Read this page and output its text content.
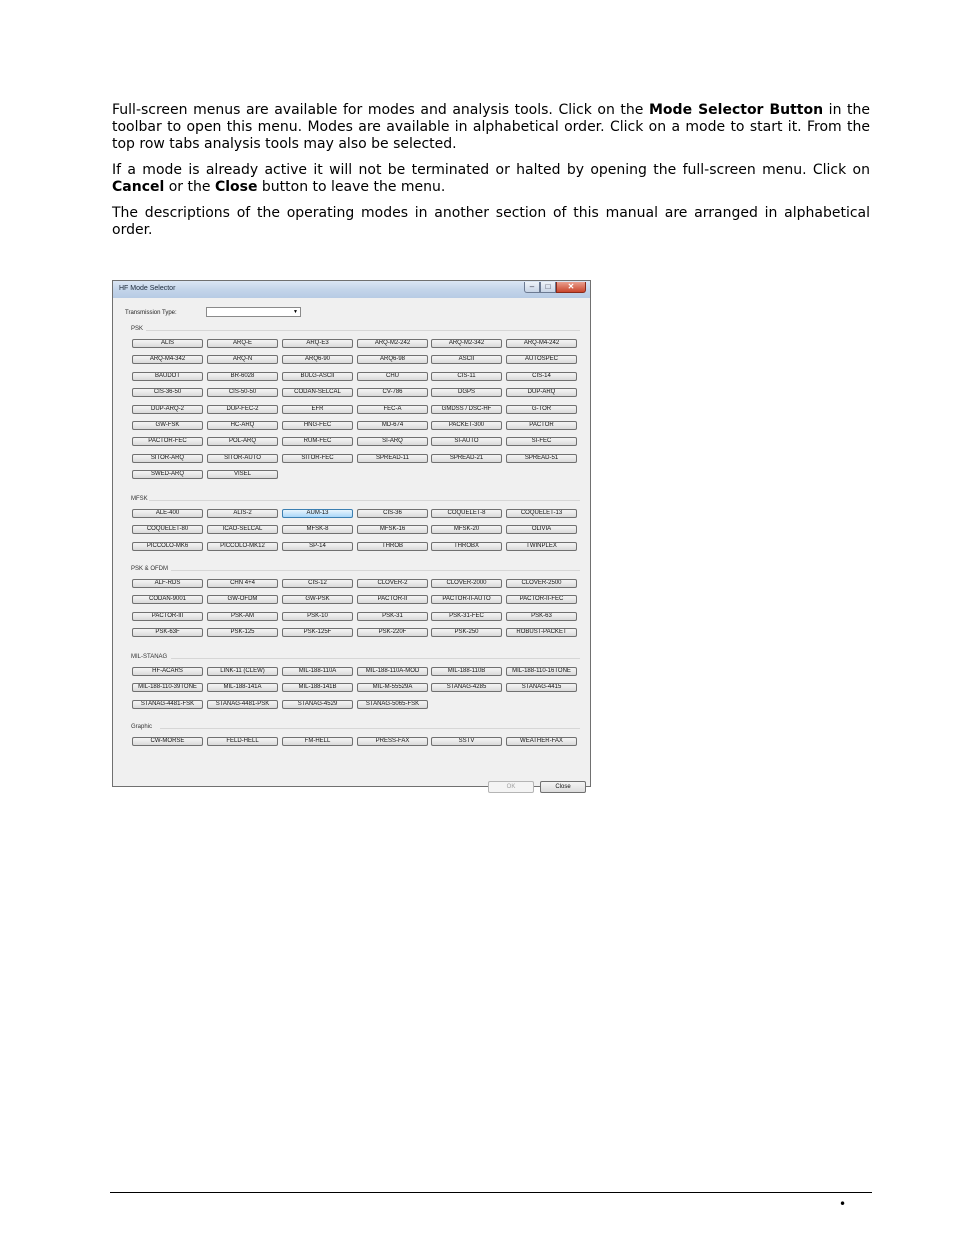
Full-screen menus are available for modes and analysis tools. Click on the Mode Selector Button in the toolbar to open this menu. Modes are available in alphabetical order. Click on a mode to start it. From the top row tabs analysis tools may also be selected.

If a mode is already active it will not be terminated or halted by opening the full-screen menu. Click on Cancel or the Close button to leave the menu.

The descriptions of the operating modes in another section of this manual are arranged in alphabetical order.

HF Mode Selector	–	□	✕
Transmission Type:	▼
PSK
ALIS	ARQ-E	ARQ-E3	ARQ-M2-242	ARQ-M2-342	ARQ-M4-242
ARQ-M4-342	ARQ-N	ARQ6-90	ARQ6-98	ASCII	AUTOSPEC
BAUDOT	BR-6028	BULG-ASCII	CHU	CIS-11	CIS-14
CIS-36-50	CIS-50-50	CODAN-SELCAL	CV-786	DGPS	DUP-ARQ
DUP-ARQ-2	DUP-FEC-2	EFR	FEC-A	GMDSS / DSC-HF	G-TOR
GW-FSK	HC-ARQ	HNG-FEC	MD-674	PACKET-300	PACTOR
PACTOR-FEC	POL-ARQ	RUM-FEC	SI-ARQ	SI-AUTO	SI-FEC
SITOR-ARQ	SITOR-AUTO	SITOR-FEC	SPREAD-11	SPREAD-21	SPREAD-51
SWED-ARQ	VISEL
MFSK
ALE-400	ALIS-2	AUM-13	CIS-36	COQUELET-8	COQUELET-13
COQUELET-80	ICAO-SELCAL	MFSK-8	MFSK-16	MFSK-20	OLIVIA
PICCOLO-MK6	PICCOLO-MK12	SP-14	THROB	THROBX	TWINPLEX
PSK & OFDM
ALF-RDS	CHN 4+4	CIS-12	CLOVER-2	CLOVER-2000	CLOVER-2500
CODAN-9001	GW-OFDM	GW-PSK	PACTOR-II	PACTOR-II-AUTO	PACTOR-II-FEC
PACTOR-III	PSK-AM	PSK-10	PSK-31	PSK-31-FEC	PSK-63
PSK-63F	PSK-125	PSK-125F	PSK-220F	PSK-250	ROBUST-PACKET
MIL-STANAG
HF-ACARS	LINK-11 (CLEW)	MIL-188-110A	MIL-188-110A-MOD	MIL-188-110B	MIL-188-110-16TONE
MIL-188-110-39TONE	MIL-188-141A	MIL-188-141B	MIL-M-55529A	STANAG-4285	STANAG-4415
STANAG-4481-FSK	STANAG-4481-PSK	STANAG-4529	STANAG-5065-FSK
Graphic
CW-MORSE	FELD-HELL	FM-HELL	PRESS-FAX	SSTV	WEATHER-FAX
OK	Close
•
